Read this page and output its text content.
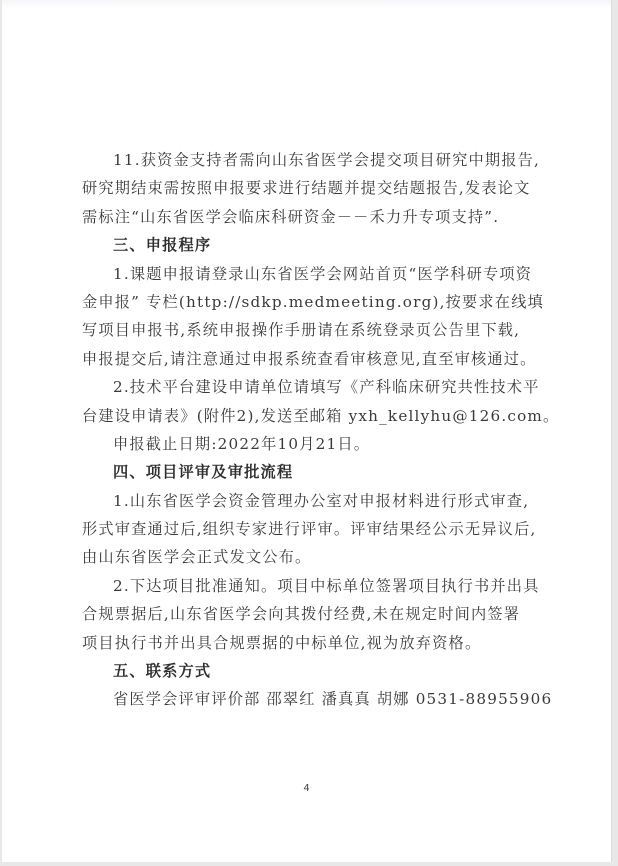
11.获资金支持者需向山东省医学会提交项目研究中期报告,
研究期结束需按照申报要求进行结题并提交结题报告,发表论文
需标注“山东省医学会临床科研资金－－禾力升专项支持”.
三、申报程序
1.课题申报请登录山东省医学会网站首页“医学科研专项资
金申报” 专栏(http://sdkp.medmeeting.org),按要求在线填
写项目申报书,系统申报操作手册请在系统登录页公告里下载,
申报提交后,请注意通过申报系统查看审核意见,直至审核通过。
2.技术平台建设申请单位请填写《产科临床研究共性技术平
台建设申请表》(附件2),发送至邮箱 yxh_kellyhu@126.com。
申报截止日期:2022年10月21日。
四、项目评审及审批流程
1.山东省医学会资金管理办公室对申报材料进行形式审查,
形式审查通过后,组织专家进行评审。评审结果经公示无异议后,
由山东省医学会正式发文公布。
2.下达项目批准通知。项目中标单位签署项目执行书并出具
合规票据后,山东省医学会向其拨付经费,未在规定时间内签署
项目执行书并出具合规票据的中标单位,视为放弃资格。
五、联系方式
省医学会评审评价部 邵翠红 潘真真 胡娜 0531-88955906
4
